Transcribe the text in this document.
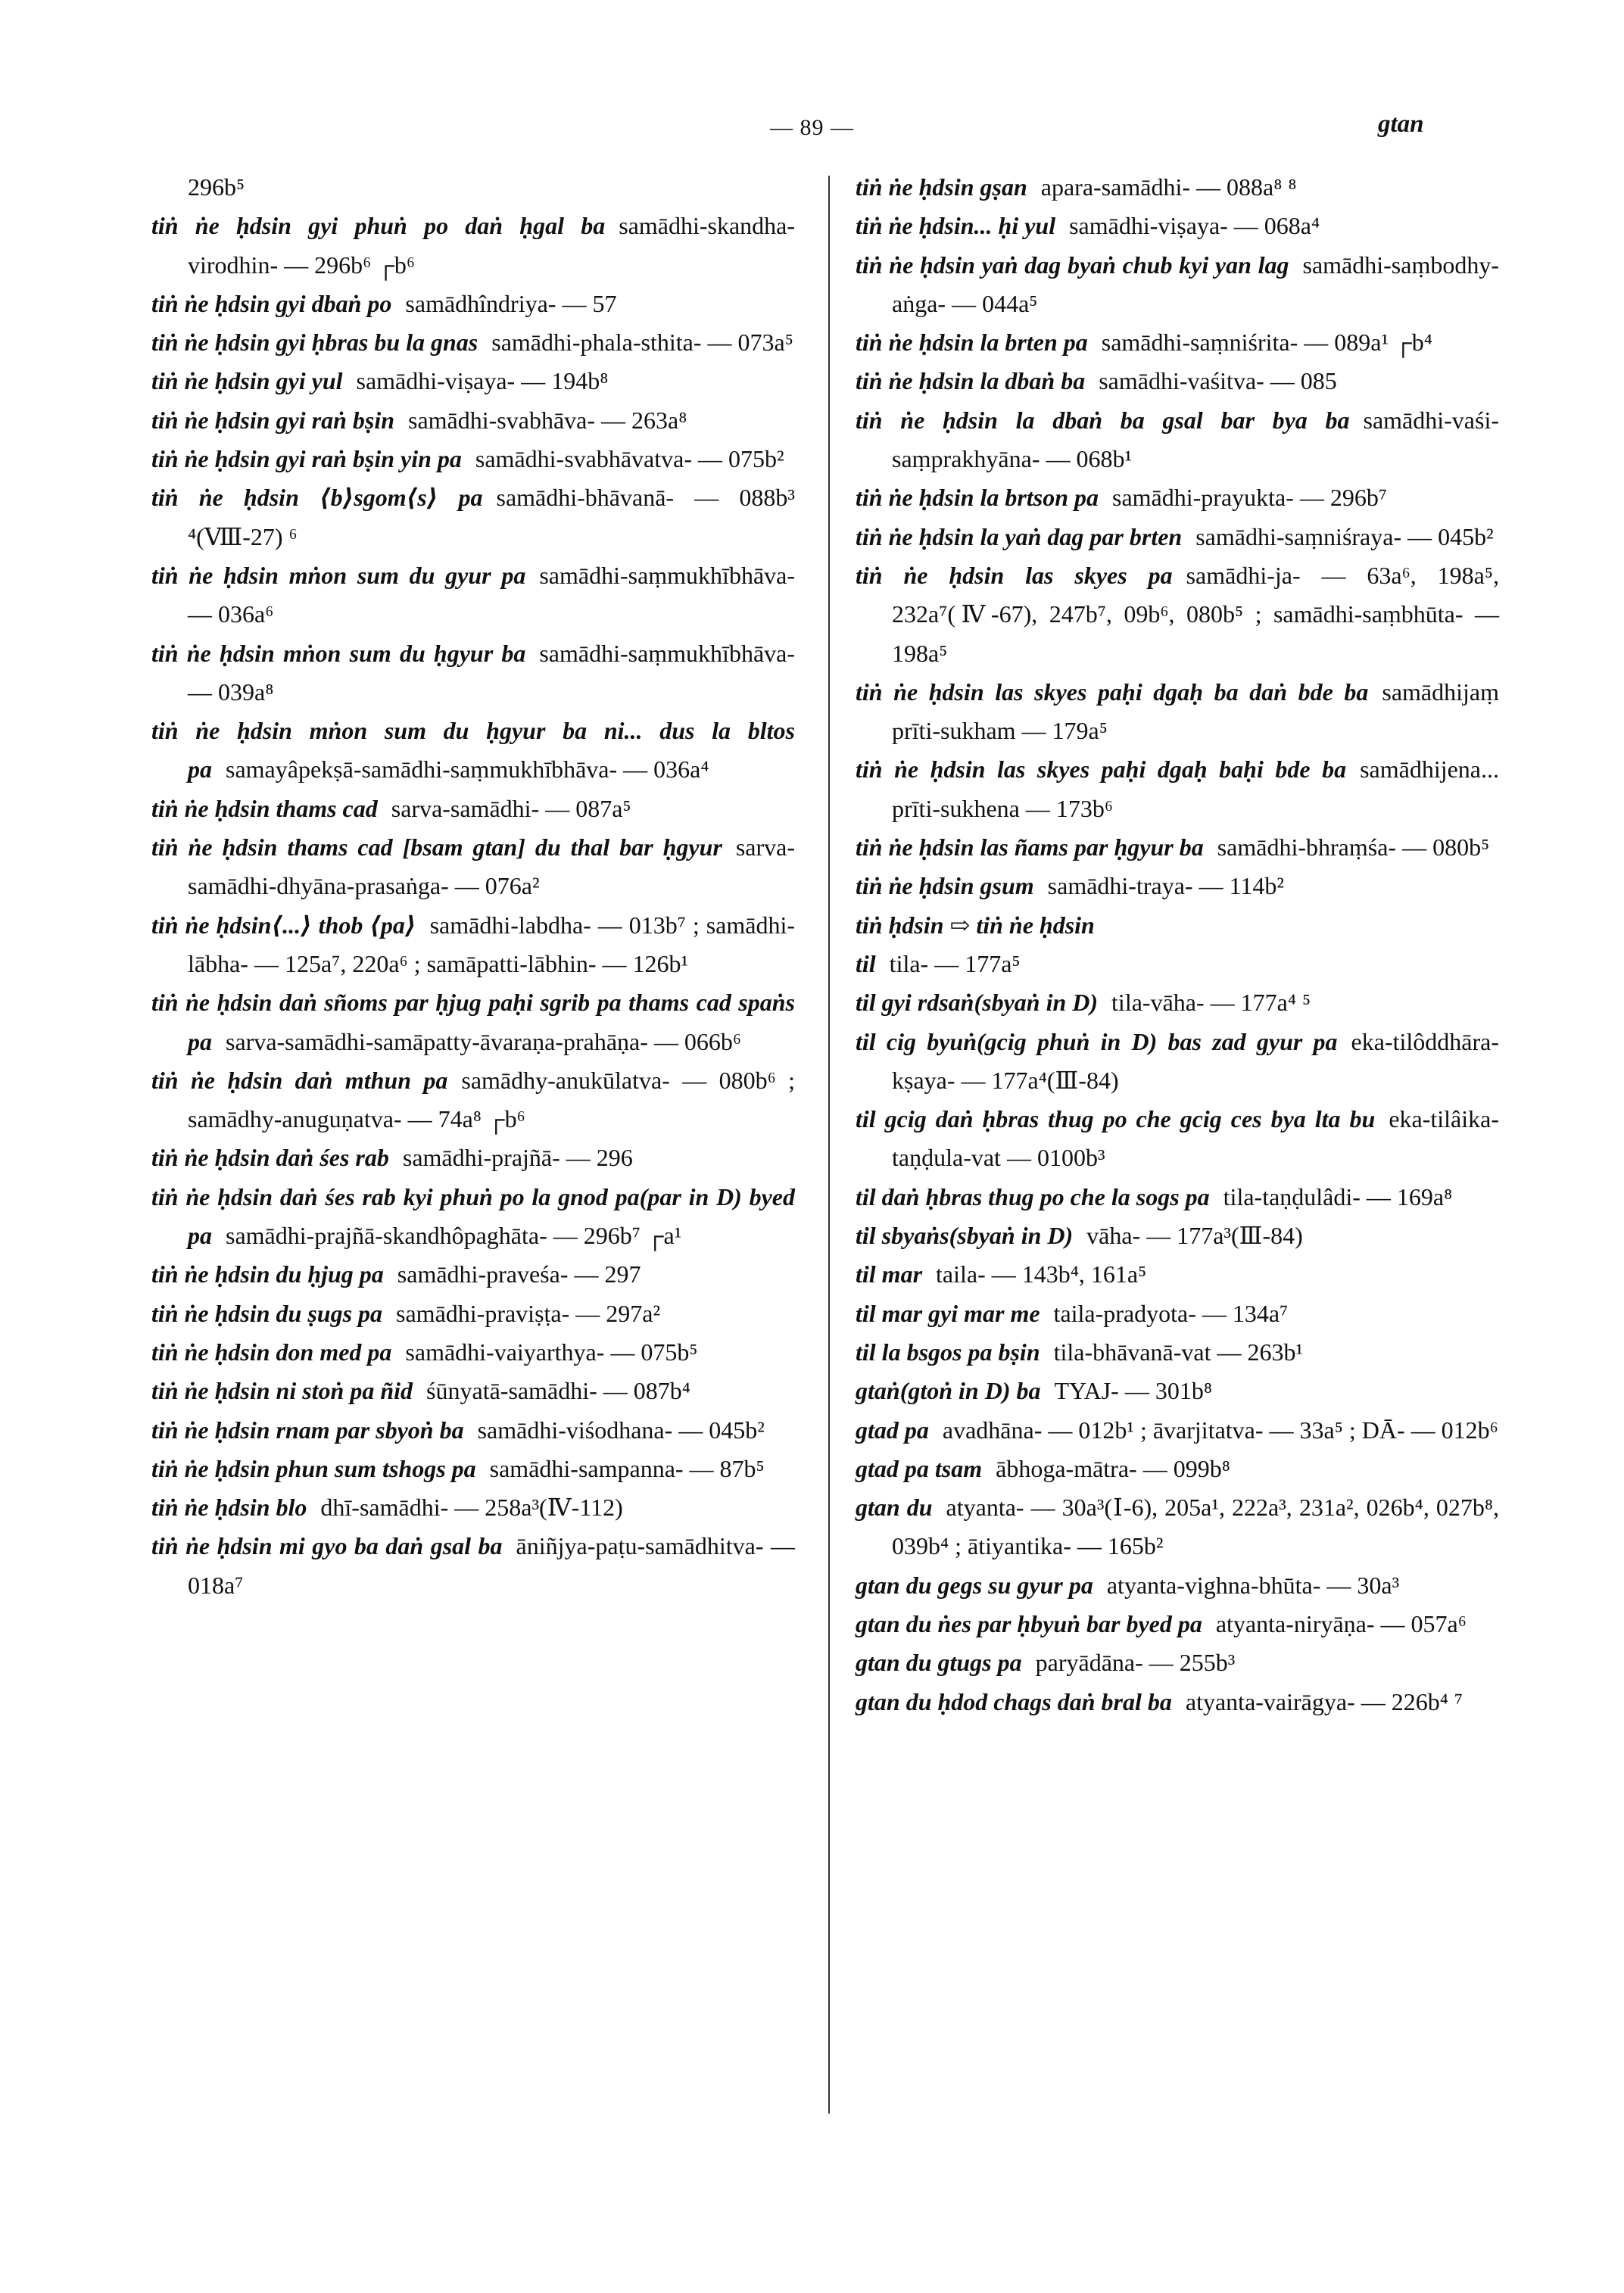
— 89 —	gtan

296b⁵

tiṅ ṅe ḥdsin gyi phuṅ po daṅ ḥgal ba samādhi-skandha-virodhin- — 296b⁶ ┌b⁶

tiṅ ṅe ḥdsin gyi dbaṅ po samādhîndriya- — 57

tiṅ ṅe ḥdsin gyi ḥbras bu la gnas samādhi-phala-sthita- — 073a⁵

tiṅ ṅe ḥdsin gyi yul samādhi-viṣaya- — 194b⁸

tiṅ ṅe ḥdsin gyi raṅ bṣin samādhi-svabhāva- — 263a⁸

tiṅ ṅe ḥdsin gyi raṅ bṣin yin pa samādhi-svabhāvatva- — 075b²

tiṅ ṅe ḥdsin ⟨b⟩sgom⟨s⟩ pa samādhi-bhāvanā- — 088b³ ⁴(Ⅷ-27) ⁶

tiṅ ṅe ḥdsin mṅon sum du gyur pa samādhi-saṃmukhībhāva- — 036a⁶

tiṅ ṅe ḥdsin mṅon sum du ḥgyur ba samādhi-saṃmukhībhāva- — 039a⁸

tiṅ ṅe ḥdsin mṅon sum du ḥgyur ba ni... dus la bltos pa samayâpekṣā-samādhi-saṃmukhībhāva- — 036a⁴

tiṅ ṅe ḥdsin thams cad sarva-samādhi- — 087a⁵

tiṅ ṅe ḥdsin thams cad [bsam gtan] du thal bar ḥgyur sarva-samādhi-dhyāna-prasaṅga- — 076a²

tiṅ ṅe ḥdsin⟨...⟩ thob ⟨pa⟩ samādhi-labdha- — 013b⁷ ; samādhi-lābha- — 125a⁷, 220a⁶ ; samāpatti-lābhin- — 126b¹

tiṅ ṅe ḥdsin daṅ sñoms par ḥjug paḥi sgrib pa thams cad spaṅs pa sarva-samādhi-samāpatty-āvaraṇa-prahāṇa- — 066b⁶

tiṅ ṅe ḥdsin daṅ mthun pa samādhy-anukūlatva- — 080b⁶ ; samādhy-anuguṇatva- — 74a⁸ ┌b⁶

tiṅ ṅe ḥdsin daṅ śes rab samādhi-prajñā- — 296

tiṅ ṅe ḥdsin daṅ śes rab kyi phuṅ po la gnod pa(par in D) byed pa samādhi-prajñā-skandhôpaghāta- — 296b⁷ ┌a¹

tiṅ ṅe ḥdsin du ḥjug pa samādhi-praveśa- — 297

tiṅ ṅe ḥdsin du ṣugs pa samādhi-praviṣṭa- — 297a²

tiṅ ṅe ḥdsin don med pa samādhi-vaiyarthya- — 075b⁵

tiṅ ṅe ḥdsin ni stoṅ pa ñid śūnyatā-samādhi- — 087b⁴

tiṅ ṅe ḥdsin rnam par sbyoṅ ba samādhi-viśodhana- — 045b²

tiṅ ṅe ḥdsin phun sum tshogs pa samādhi-sampanna- — 87b⁵

tiṅ ṅe ḥdsin blo dhī-samādhi- — 258a³(Ⅳ-112)

tiṅ ṅe ḥdsin mi gyo ba daṅ gsal ba āniñjya-paṭu-samādhitva- — 018a⁷

tiṅ ṅe ḥdsin gṣan apara-samādhi- — 088a⁸ ⁸

tiṅ ṅe ḥdsin... ḥi yul samādhi-viṣaya- — 068a⁴

tiṅ ṅe ḥdsin yaṅ dag byaṅ chub kyi yan lag samādhi-saṃbodhy-aṅga- — 044a⁵

tiṅ ṅe ḥdsin la brten pa samādhi-saṃniśrita- — 089a¹ ┌b⁴

tiṅ ṅe ḥdsin la dbaṅ ba samādhi-vaśitva- — 085

tiṅ ṅe ḥdsin la dbaṅ ba gsal bar bya ba samādhi-vaśi-saṃprakhyāna- — 068b¹

tiṅ ṅe ḥdsin la brtson pa samādhi-prayukta- — 296b⁷

tiṅ ṅe ḥdsin la yaṅ dag par brten samādhi-saṃniśraya- — 045b²

tiṅ ṅe ḥdsin las skyes pa samādhi-ja- — 63a⁶, 198a⁵, 232a⁷(Ⅳ-67), 247b⁷, 09b⁶, 080b⁵ ; samādhi-saṃbhūta- — 198a⁵

tiṅ ṅe ḥdsin las skyes paḥi dgaḥ ba daṅ bde ba samādhijaṃ prīti-sukham — 179a⁵

tiṅ ṅe ḥdsin las skyes paḥi dgaḥ baḥi bde ba samādhijena... prīti-sukhena — 173b⁶

tiṅ ṅe ḥdsin las ñams par ḥgyur ba samādhi-bhraṃśa- — 080b⁵

tiṅ ṅe ḥdsin gsum samādhi-traya- — 114b²

tiṅ ḥdsin ⇨ tiṅ ṅe ḥdsin

til tila- — 177a⁵

til gyi rdsaṅ(sbyaṅ in D) tila-vāha- — 177a⁴ ⁵

til cig byuṅ(gcig phuṅ in D) bas zad gyur pa eka-tilôddhāra-kṣaya- — 177a⁴(Ⅲ-84)

til gcig daṅ ḥbras thug po che gcig ces bya lta bu eka-tilâika-taṇḍula-vat — 0100b³

til daṅ ḥbras thug po che la sogs pa tila-taṇḍulâdi- — 169a⁸

til sbyaṅs(sbyaṅ in D) vāha- — 177a³(Ⅲ-84)

til mar taila- — 143b⁴, 161a⁵

til mar gyi mar me taila-pradyota- — 134a⁷

til la bsgos pa bṣin tila-bhāvanā-vat — 263b¹

gtaṅ(gtoṅ in D) ba TYAJ- — 301b⁸

gtad pa avadhāna- — 012b¹ ; āvarjitatva- — 33a⁵ ; DĀ- — 012b⁶

gtad pa tsam ābhoga-mātra- — 099b⁸

gtan du atyanta- — 30a³(Ⅰ-6), 205a¹, 222a³, 231a², 026b⁴, 027b⁸, 039b⁴ ; ātiyantika- — 165b²

gtan du gegs su gyur pa atyanta-vighna-bhūta- — 30a³

gtan du ṅes par ḥbyuṅ bar byed pa atyanta-niryāṇa- — 057a⁶

gtan du gtugs pa paryādāna- — 255b³

gtan du ḥdod chags daṅ bral ba atyanta-vairāgya- — 226b⁴ ⁷
